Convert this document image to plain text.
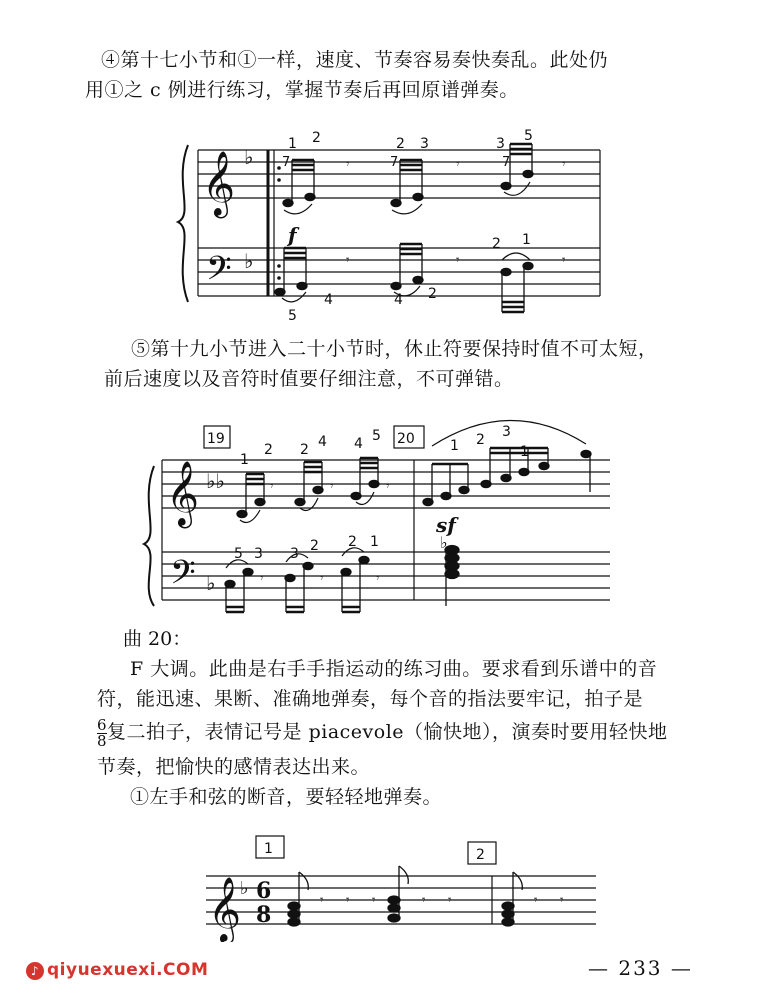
④第十七小节和①一样，速度、节奏容易奏快奏乱。此处仍
用①之 c 例进行练习，掌握节奏后再回原谱弹奏。
𝄞
𝄢
♭
♭
7	7	7
𝄾	𝄾	𝄾
𝄾	𝄾	𝄾
1 2	2 3	3 5
4
5
4 2
2 1
f
⑤第十九小节进入二十小节时，休止符要保持时值不可太短，
前后速度以及音符时值要仔细注意，不可弹错。
19	20
𝄞
𝄢
♭♭
♭
𝄾	𝄾	𝄾
𝄾	𝄾	𝄾
♭
1
2 2 4 4 5
1 2 3
1
5 3 3 2 2 1
sf
曲 20：
F 大调。此曲是右手手指运动的练习曲。要求看到乐谱中的音
符，能迅速、果断、准确地弹奏，每个音的指法要牢记，拍子是
$\frac{6}{8}$ 复二拍子，表情记号是 piacevole（愉快地），演奏时要用轻快地
节奏，把愉快的感情表达出来。
①左手和弦的断音，要轻轻地弹奏。
1	2
𝄞
♭ 6
8
𝄾 𝄾 𝄾	𝄾 𝄾	𝄾 𝄾
♪ qiyuexuexi.COM	— 233 —
